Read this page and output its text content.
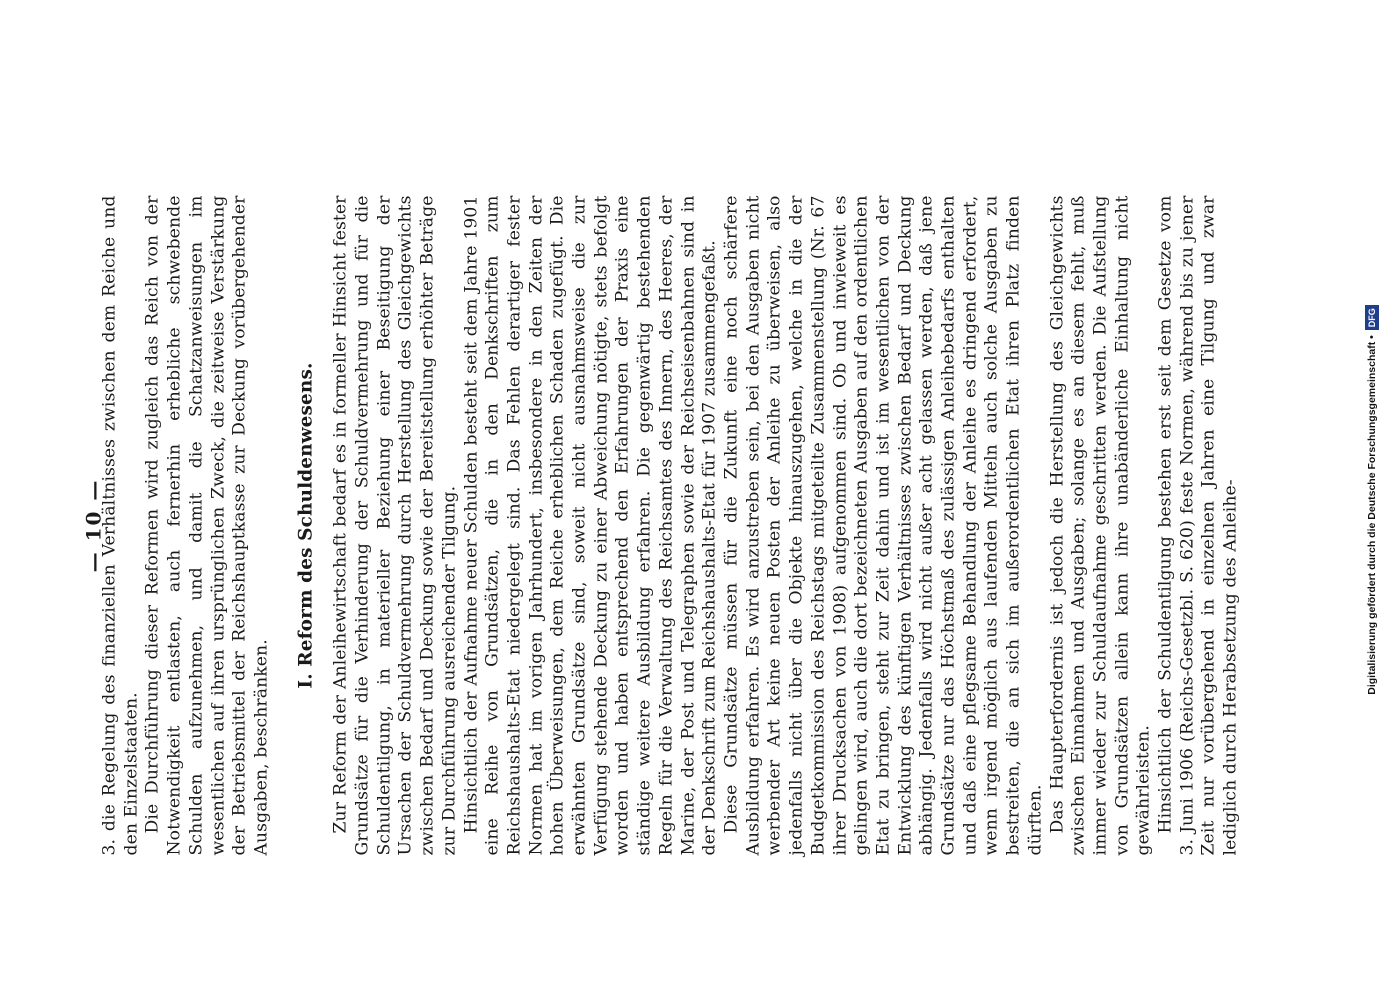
— 10 —

3. die Regelung des finanziellen Verhältnisses zwischen dem Reiche und den Einzelstaaten. Die Durchführung dieser Reformen wird zugleich das Reich von der Notwendigkeit entlasten, auch fernerhin erhebliche schwebende Schulden aufzunehmen, und damit die Schatzanweisungen im wesentlichen auf ihren ursprünglichen Zweck, die zeitweise Verstärkung der Betriebsmittel der Reichshauptkasse zur Deckung vorübergehender Ausgaben, beschränken.

I. Reform des Schuldenwesens. Zur Reform der Anleihewirtschaft bedarf es in formeller Hinsicht fester Grundsätze für die Verhinderung der Schuldvermehrung und für die Schuldentilgung, in materieller Beziehung einer Beseitigung der Ursachen der Schuldvermehrung durch Herstellung des Gleichgewichts zwischen Bedarf und Deckung sowie der Bereitstellung erhöhter Beträge zur Durchführung ausreichender Tilgung. Hinsichtlich der Aufnahme neuer Schulden besteht seit dem Jahre 1901 eine Reihe von Grundsätzen, die in den Denkschriften zum Reichshaushalts-Etat niedergelegt sind. Das Fehlen derartiger fester Normen hat im vorigen Jahrhundert, insbesondere in den Zeiten der hohen Überweisungen, dem Reiche erheblichen Schaden zugefügt. Die erwähnten Grundsätze sind, soweit nicht ausnahmsweise die zur Verfügung stehende Deckung zu einer Abweichung nötigte, stets befolgt worden und haben entsprechend den Erfahrungen der Praxis eine ständige weitere Ausbildung erfahren. Die gegenwärtig bestehenden Regeln für die Verwaltung des Reichsamtes des Innern, des Heeres, der Marine, der Post und Telegraphen sowie der Reichseisenbahnen sind in der Denkschrift zum Reichshaushalts-Etat für 1907 zusammengefaßt. Diese Grundsätze müssen für die Zukunft eine noch schärfere Ausbildung erfahren. Es wird anzustreben sein, bei den Ausgaben nicht werbender Art keine neuen Posten der Anleihe zu überweisen, also jedenfalls nicht über die Objekte hinauszugehen, welche in die der Budgetkommission des Reichstags mitgeteilte Zusammenstellung (Nr. 67 ihrer Drucksachen von 1908) aufgenommen sind. Ob und inwieweit es gelingen wird, auch die dort bezeichneten Ausgaben auf den ordentlichen Etat zu bringen, steht zur Zeit dahin und ist im wesentlichen von der Entwicklung des künftigen Verhältnisses zwischen Bedarf und Deckung abhängig. Jedenfalls wird nicht außer acht gelassen werden, daß jene Grundsätze nur das Höchstmaß des zulässigen Anleihebedarfs enthalten und daß eine pflegsame Behandlung der Anleihe es dringend erfordert, wenn irgend möglich aus laufenden Mitteln auch solche Ausgaben zu bestreiten, die an sich im außerordentlichen Etat ihren Platz finden dürften. Das Haupterfordernis ist jedoch die Herstellung des Gleichgewichts zwischen Einnahmen und Ausgaben; solange es an diesem fehlt, muß immer wieder zur Schuldaufnahme geschritten werden. Die Aufstellung von Grundsätzen allein kann ihre unabänderliche Einhaltung nicht gewährleisten. Hinsichtlich der Schuldentilgung bestehen erst seit dem Gesetze vom 3. Juni 1906 (Reichs-Gesetzbl. S. 620) feste Normen, während bis zu jener Zeit nur vorübergehend in einzelnen Jahren eine Tilgung und zwar lediglich durch Herabsetzung des Anleihe-	Digitalisierung gefördert durch die Deutsche Forschungsgemeinschaft • DFG
